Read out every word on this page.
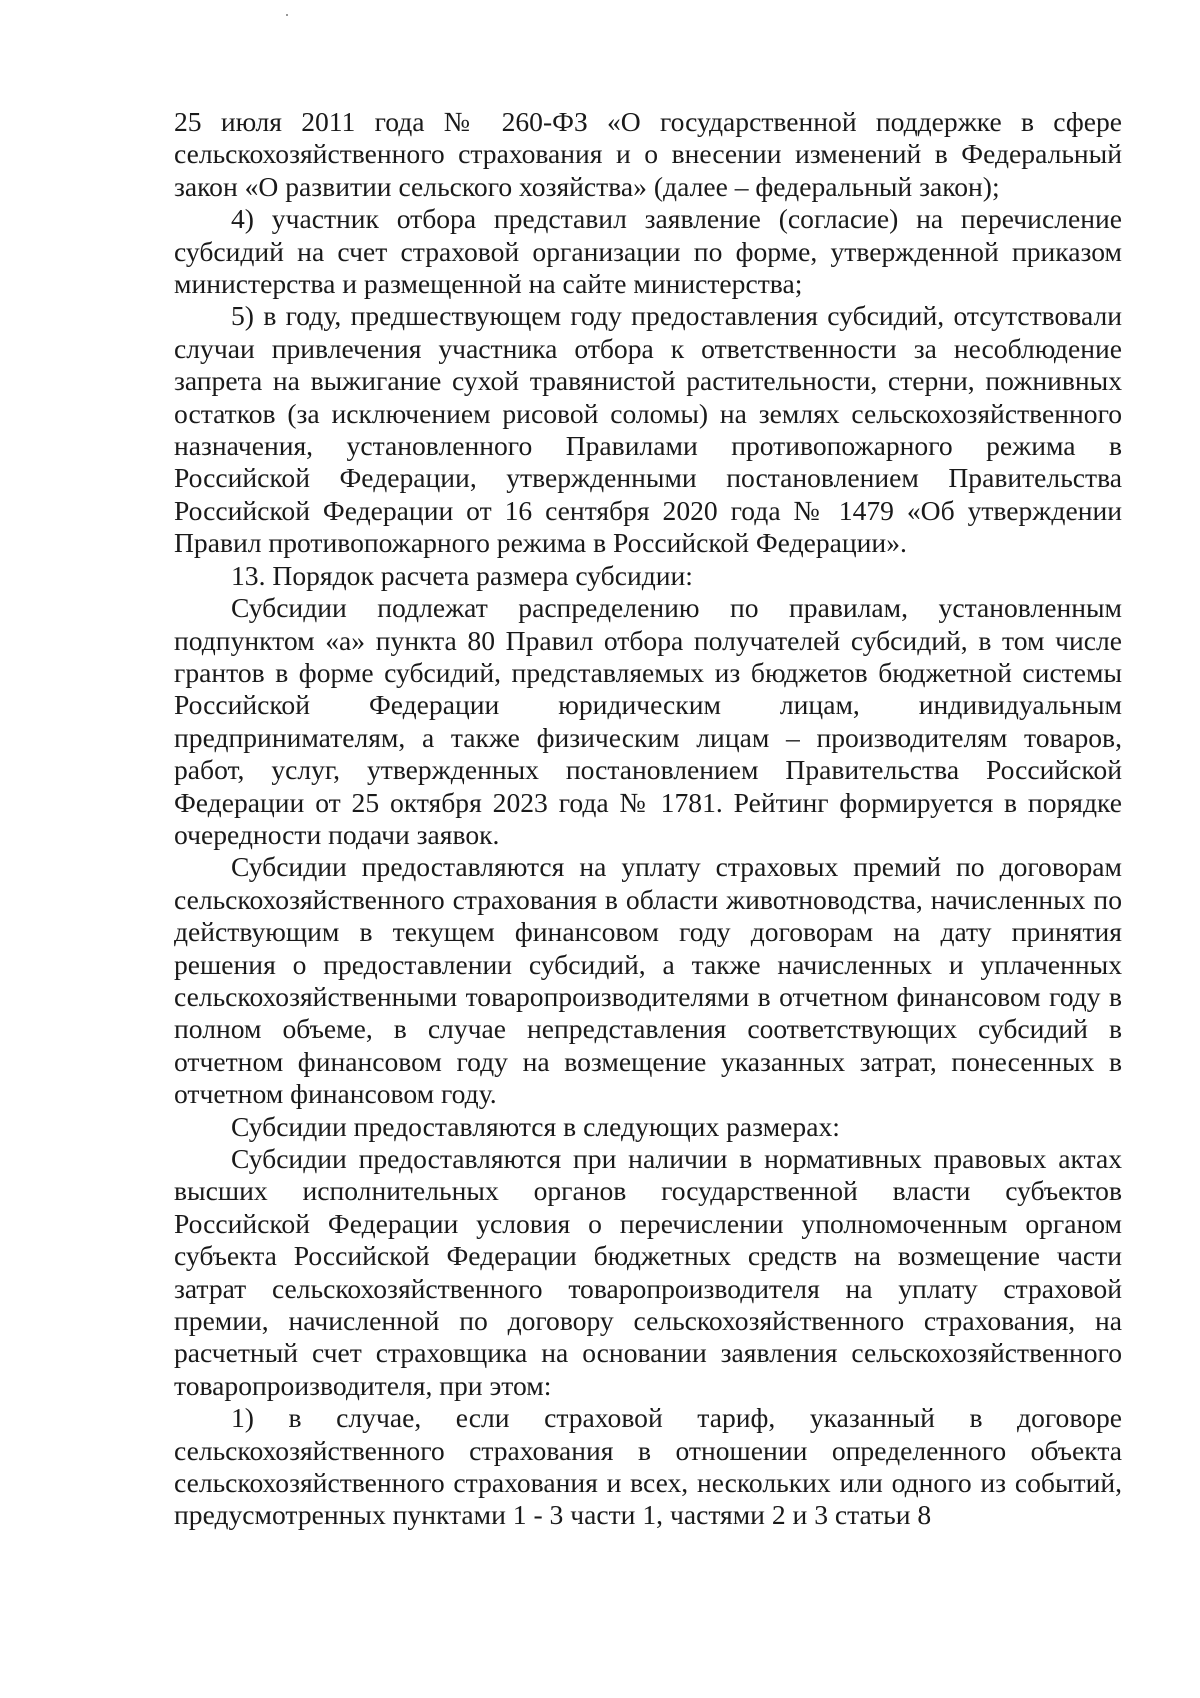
25 июля 2011 года № 260-ФЗ «О государственной поддержке в сфере сельскохозяйственного страхования и о внесении изменений в Федеральный закон «О развитии сельского хозяйства» (далее – федеральный закон);

4) участник отбора представил заявление (согласие) на перечисление субсидий на счет страховой организации по форме, утвержденной приказом министерства и размещенной на сайте министерства;

5) в году, предшествующем году предоставления субсидий, отсутствовали случаи привлечения участника отбора к ответственности за несоблюдение запрета на выжигание сухой травянистой растительности, стерни, пожнивных остатков (за исключением рисовой соломы) на землях сельскохозяйственного назначения, установленного Правилами противопожарного режима в Российской Федерации, утвержденными постановлением Правительства Российской Федерации от 16 сентября 2020 года № 1479 «Об утверждении Правил противопожарного режима в Российской Федерации».

13. Порядок расчета размера субсидии:

Субсидии подлежат распределению по правилам, установленным подпунктом «а» пункта 80 Правил отбора получателей субсидий, в том числе грантов в форме субсидий, представляемых из бюджетов бюджетной системы Российской Федерации юридическим лицам, индивидуальным предпринимателям, а также физическим лицам – производителям товаров, работ, услуг, утвержденных постановлением Правительства Российской Федерации от 25 октября 2023 года № 1781. Рейтинг формируется в порядке очередности подачи заявок.

Субсидии предоставляются на уплату страховых премий по договорам сельскохозяйственного страхования в области животноводства, начисленных по действующим в текущем финансовом году договорам на дату принятия решения о предоставлении субсидий, а также начисленных и уплаченных сельскохозяйственными товаропроизводителями в отчетном финансовом году в полном объеме, в случае непредставления соответствующих субсидий в отчетном финансовом году на возмещение указанных затрат, понесенных в отчетном финансовом году.

Субсидии предоставляются в следующих размерах:

Субсидии предоставляются при наличии в нормативных правовых актах высших исполнительных органов государственной власти субъектов Российской Федерации условия о перечислении уполномоченным органом субъекта Российской Федерации бюджетных средств на возмещение части затрат сельскохозяйственного товаропроизводителя на уплату страховой премии, начисленной по договору сельскохозяйственного страхования, на расчетный счет страховщика на основании заявления сельскохозяйственного товаропроизводителя, при этом:

1) в случае, если страховой тариф, указанный в договоре сельскохозяйственного страхования в отношении определенного объекта сельскохозяйственного страхования и всех, нескольких или одного из событий, предусмотренных пунктами 1 - 3 части 1, частями 2 и 3 статьи 8
